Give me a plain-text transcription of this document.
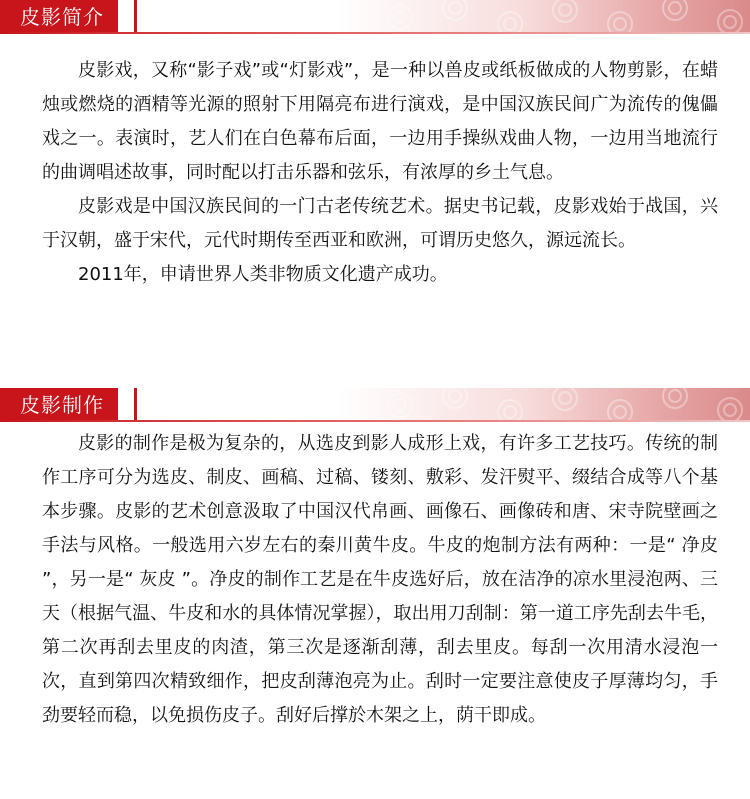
皮影简介

皮影戏，又称“影子戏”或“灯影戏”，是一种以兽皮或纸板做成的人物剪影，在蜡烛或燃烧的酒精等光源的照射下用隔亮布进行演戏，是中国汉族民间广为流传的傀儡戏之一。表演时，艺人们在白色幕布后面，一边用手操纵戏曲人物，一边用当地流行的曲调唱述故事，同时配以打击乐器和弦乐，有浓厚的乡土气息。

皮影戏是中国汉族民间的一门古老传统艺术。据史书记载，皮影戏始于战国，兴于汉朝，盛于宋代，元代时期传至西亚和欧洲，可谓历史悠久，源远流长。

2011年，申请世界人类非物质文化遗产成功。

皮影制作

皮影的制作是极为复杂的，从选皮到影人成形上戏，有许多工艺技巧。传统的制作工序可分为选皮、制皮、画稿、过稿、镂刻、敷彩、发汗熨平、缀结合成等八个基本步骤。皮影的艺术创意汲取了中国汉代帛画、画像石、画像砖和唐、宋寺院壁画之手法与风格。一般选用六岁左右的秦川黄牛皮。牛皮的炮制方法有两种：一是“ 净皮 ”，另一是“ 灰皮 ”。净皮的制作工艺是在牛皮选好后，放在洁净的凉水里浸泡两、三天（根据气温、牛皮和水的具体情况掌握），取出用刀刮制：第一道工序先刮去牛毛，第二次再刮去里皮的肉渣，第三次是逐渐刮薄，刮去里皮。每刮一次用清水浸泡一次，直到第四次精致细作，把皮刮薄泡亮为止。刮时一定要注意使皮子厚薄均匀，手劲要轻而稳，以免损伤皮子。刮好后撑於木架之上，荫干即成。
